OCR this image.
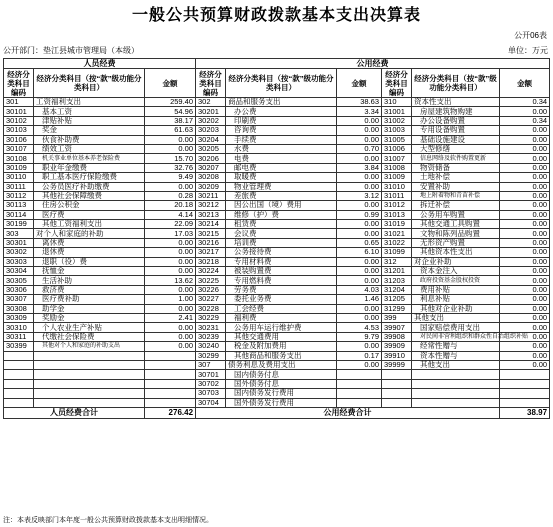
一般公共预算财政拨款基本支出决算表
公开06表
公开部门：垫江县城市管理局（本级）	单位：万元
人员经费			公用经费					
经济分类科目编码	经济分类科目（按“款”级功能分类科目）	金额	经济分类科目编码	经济分类科目（按“款”级功能分类科目）	金额	经济分类科目编码	经济分类科目（按“款”级功能分类科目）	金额
301	工资福利支出	259.40	302	商品和服务支出	38.63	310	资本性支出	0.34
30101	基本工资	54.96	30201	办公费	3.34	31001	房屋建筑物购建	0.00
30102	津贴补贴	38.17	30202	印刷费	0.00	31002	办公设备购置	0.34
30103	奖金	61.63	30203	咨询费	0.00	31003	专用设备购置	0.00
30106	伙食补助费	0.00	30204	手续费	0.00	31005	基础设施建设	0.00
30107	绩效工资	0.00	30205	水费	0.70	31006	大型修缮	0.00
30108	机关事业单位基本养老保险费	15.70	30206	电费	0.00	31007	信息网络及软件购置更新	0.00
30109	职业年金缴费	32.76	30207	邮电费	3.84	31008	物资储备	0.00
30110	职工基本医疗保险缴费	9.49	30208	取暖费	0.00	31009	土地补偿	0.00
30111	公务员医疗补助缴费	0.00	30209	物业管理费	0.00	31010	安置补助	0.00
30112	其他社会保障缴费	0.28	30211	差旅费	3.12	31011	地上附着物和青苗补偿	0.00
30113	住房公积金	20.18	30212	因公出国（境）费用	0.00	31012	拆迁补偿	0.00
30114	医疗费	4.14	30213	维修（护）费	0.99	31013	公务用车购置	0.00
30199	其他工资福利支出	22.09	30214	租赁费	0.00	31019	其他交通工具购置	0.00
303	对个人和家庭的补助	17.03	30215	会议费	0.00	31021	文物和陈列品购置	0.00
30301	离休费	0.00	30216	培训费	0.65	31022	无形资产购置	0.00
30302	退休费	0.00	30217	公务接待费	6.10	31099	其他资本性支出	0.00
30303	退职（役）费	0.00	30218	专用材料费	0.00	312	对企业补助	0.00
30304	抚恤金	0.00	30224	被装购置费	0.00	31201	资本金注入	0.00
30305	生活补助	13.62	30225	专用燃料费	0.00	31203	政府投资基金股权投资	0.00
30306	救济费	0.00	30226	劳务费	4.03	31204	费用补贴	0.00
30307	医疗费补助	1.00	30227	委托业务费	1.46	31205	利息补贴	0.00
30308	助学金	0.00	30228	工会经费	0.00	31299	其他对企业补助	0.00
30309	奖励金	2.41	30229	福利费	0.00	399	其他支出	0.00
30310	个人农业生产补贴	0.00	30231	公务用车运行维护费	4.53	39907	国家赔偿费用支出	0.00
30311	代缴社会保险费	0.00	30239	其他交通费用	9.79	39908	对民间非营利组织和群众性自治组织补贴	0.00
30399	其他对个人和家庭的补助支出	0.00	30240	税金及附加费用	0.00	39909	经常性赠与	0.00
			30299	其他商品和服务支出	0.17	39910	资本性赠与	0.00
			307	债务利息及费用支出	0.00	39999	其他支出	0.00
			30701	国内债务付息				
			30702	国外债务付息				
			30703	国内债务发行费用				
			30704	国外债务发行费用				
人员经费合计		276.42	公用经费合计					38.97
注：本表反映部门本年度一般公共预算财政拨款基本支出明细情况。
